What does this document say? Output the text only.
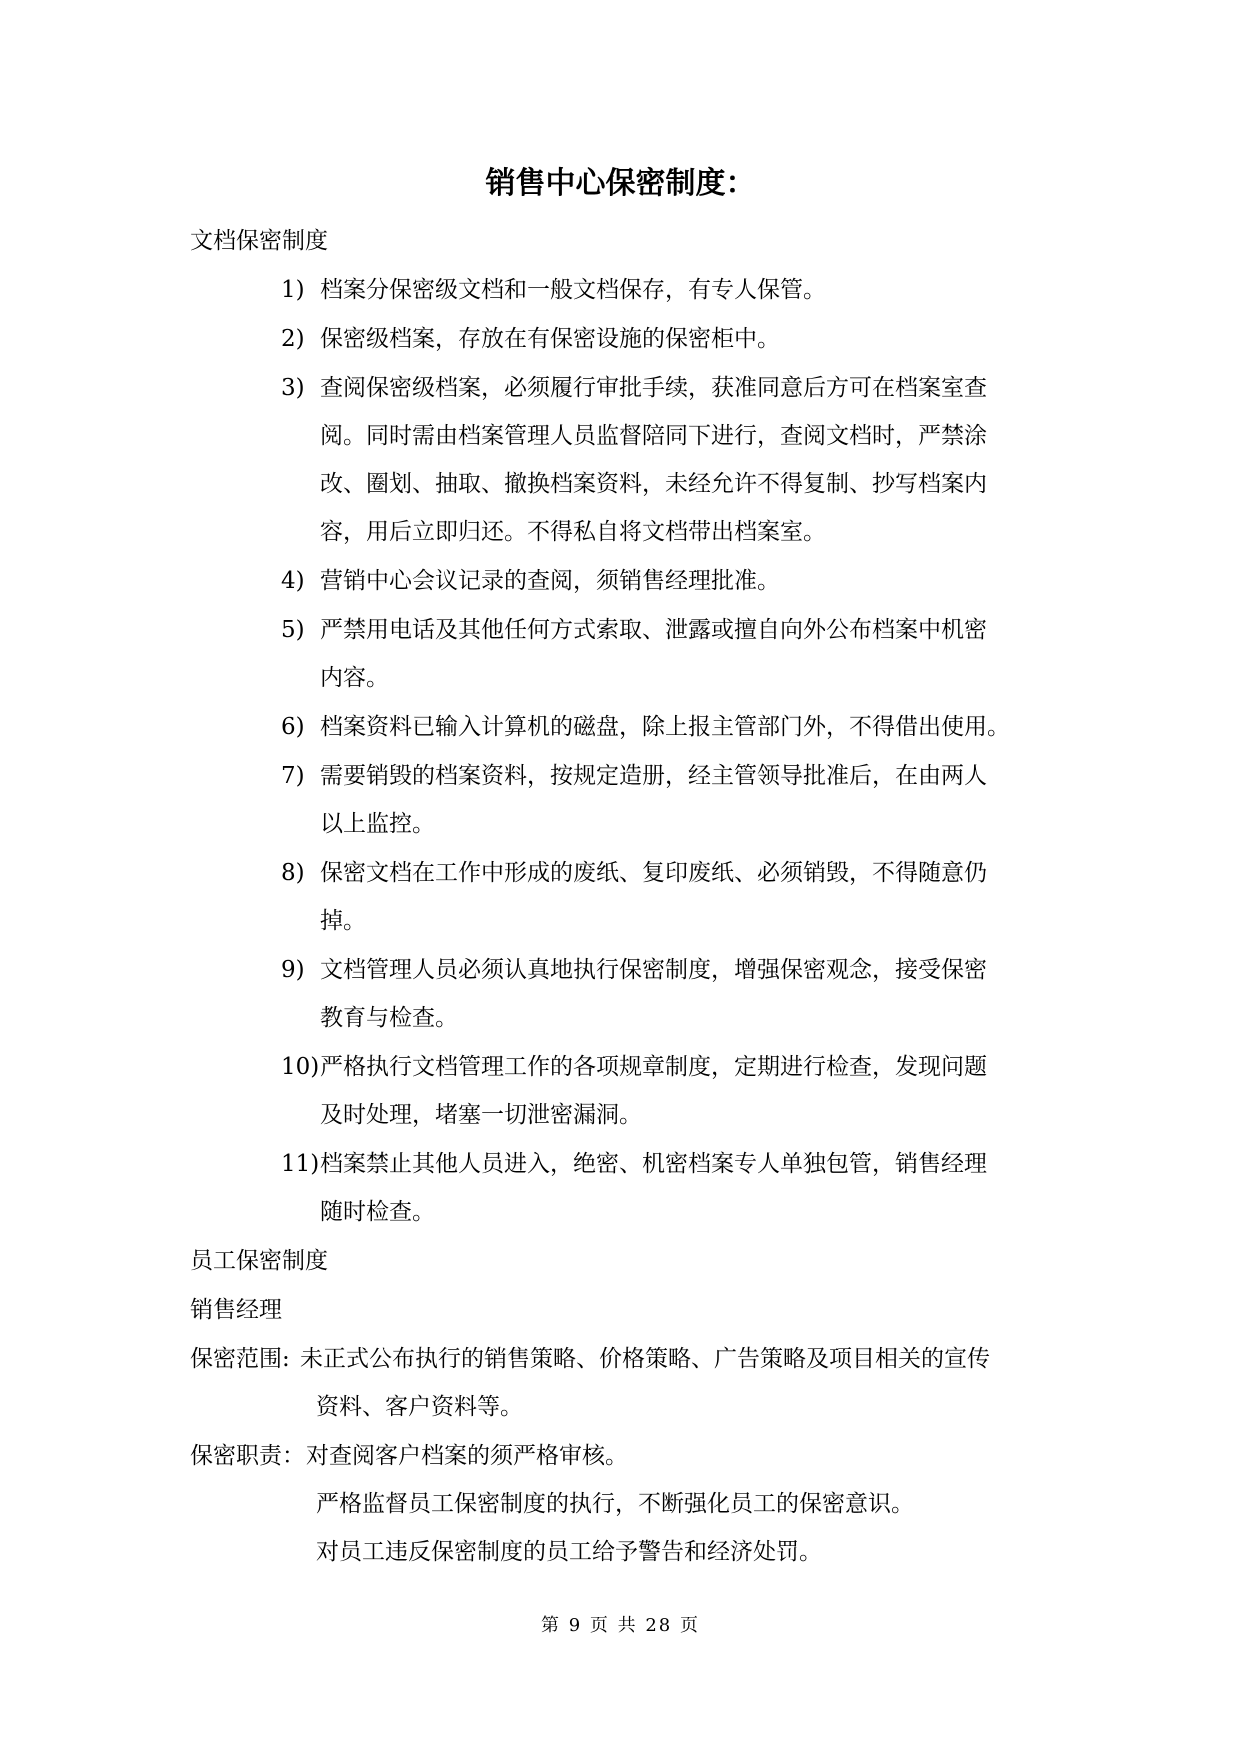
销售中心保密制度：
文档保密制度
1) 档案分保密级文档和一般文档保存，有专人保管。
2) 保密级档案，存放在有保密设施的保密柜中。
3) 查阅保密级档案，必须履行审批手续，获准同意后方可在档案室查
阅。同时需由档案管理人员监督陪同下进行，查阅文档时，严禁涂
改、圈划、抽取、撤换档案资料，未经允许不得复制、抄写档案内
容，用后立即归还。不得私自将文档带出档案室。
4) 营销中心会议记录的查阅，须销售经理批准。
5) 严禁用电话及其他任何方式索取、泄露或擅自向外公布档案中机密
内容。
6) 档案资料已输入计算机的磁盘，除上报主管部门外，不得借出使用。
7) 需要销毁的档案资料，按规定造册，经主管领导批准后，在由两人
以上监控。
8) 保密文档在工作中形成的废纸、复印废纸、必须销毁，不得随意仍
掉。
9) 文档管理人员必须认真地执行保密制度，增强保密观念，接受保密
教育与检查。
10) 严格执行文档管理工作的各项规章制度，定期进行检查，发现问题
及时处理，堵塞一切泄密漏洞。
11) 档案禁止其他人员进入，绝密、机密档案专人单独包管，销售经理
随时检查。
员工保密制度
销售经理
保密范围: 未正式公布执行的销售策略、价格策略、广告策略及项目相关的宣传
资料、客户资料等。
保密职责： 对查阅客户档案的须严格审核。
严格监督员工保密制度的执行，不断强化员工的保密意识。
对员工违反保密制度的员工给予警告和经济处罚。
第 9 页 共 28 页
